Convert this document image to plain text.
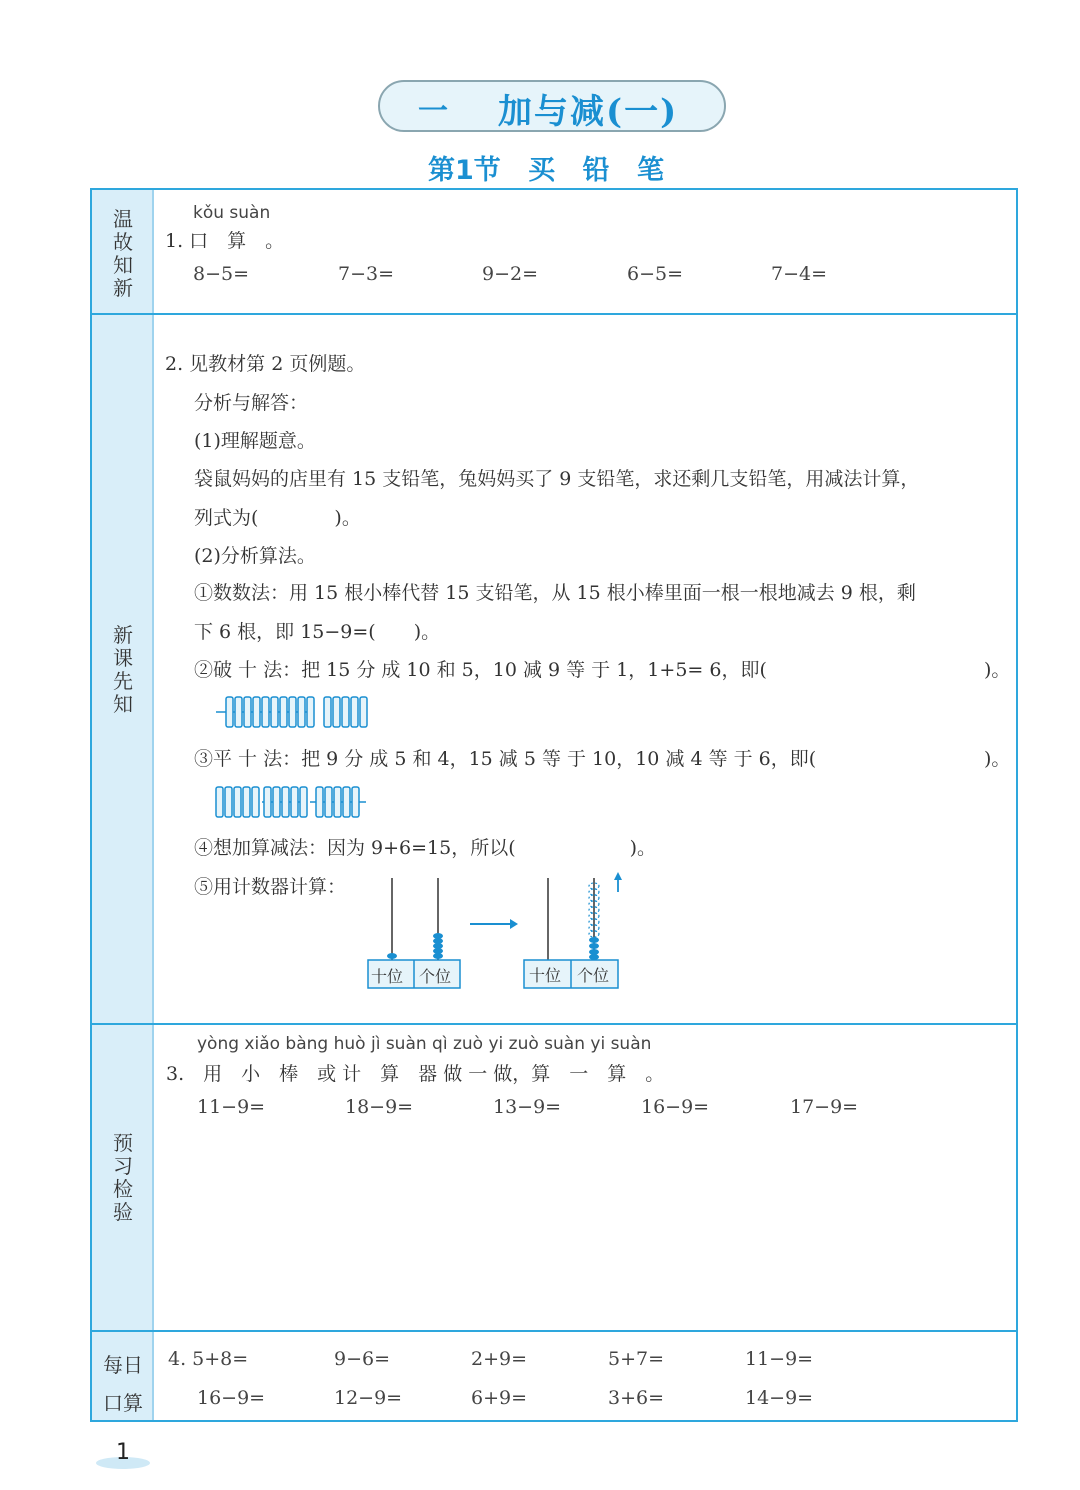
一 加与减(一)
第1节 买 铅 笔
温
故
知
新
新
课
先
知
预
习
检
验
每日
口算
kǒu suàn
1. 口　算　。
8−5=	7−3=	9−2=	6−5=	7−4=
2. 见教材第 2 页例题。
分析与解答：
(1)理解题意。
袋鼠妈妈的店里有 15 支铅笔，兔妈妈买了 9 支铅笔，求还剩几支铅笔，用减法计算，
列式为(　　　　)。
(2)分析算法。
①数数法：用 15 根小棒代替 15 支铅笔，从 15 根小棒里面一根一根地减去 9 根，剩
下 6 根，即 15−9=(　　)。
②破 十 法：把 15 分 成 10 和 5，10 减 9 等 于 1，1+5= 6，即(	)。
③平 十 法：把 9 分 成 5 和 4，15 减 5 等 于 10，10 减 4 等 于 6，即(	)。
④想加算减法：因为 9+6=15，所以(　　　　　　)。
⑤用计数器计算：
十位 个位	十位 个位
yòng xiǎo bàng huò jì suàn qì zuò yi zuò suàn yi suàn
3.　用　小　棒　或 计　算　器 做 一 做，算　一　算　。
11−9=	18−9=	13−9=	16−9=	17−9=
4. 5+8=	9−6=	2+9=	5+7=	11−9=
16−9=	12−9=	6+9=	3+6=	14−9=
1
